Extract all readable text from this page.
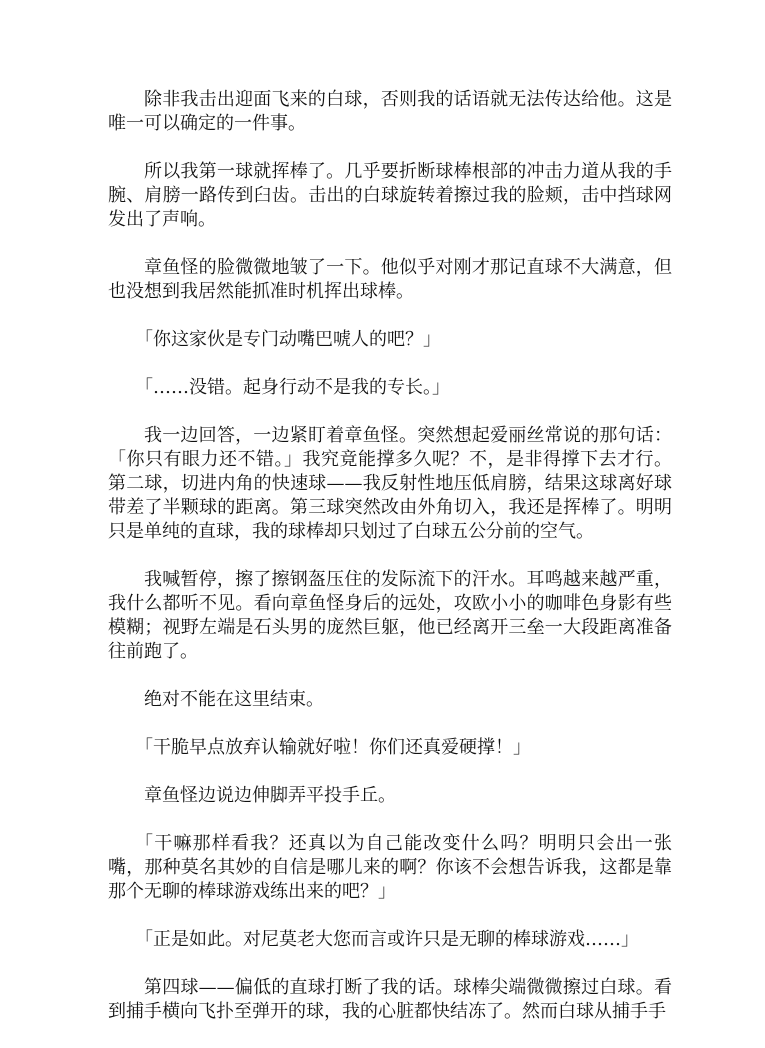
除非我击出迎面飞来的白球，否则我的话语就无法传达给他。这是唯一可以确定的一件事。

所以我第一球就挥棒了。几乎要折断球棒根部的冲击力道从我的手腕、肩膀一路传到臼齿。击出的白球旋转着擦过我的脸颊，击中挡球网发出了声响。

章鱼怪的脸微微地皱了一下。他似乎对刚才那记直球不大满意，但也没想到我居然能抓准时机挥出球棒。

「你这家伙是专门动嘴巴唬人的吧？」

「……没错。起身行动不是我的专长。」

我一边回答，一边紧盯着章鱼怪。突然想起爱丽丝常说的那句话：「你只有眼力还不错。」我究竟能撑多久呢？不，是非得撑下去才行。第二球，切进内角的快速球——我反射性地压低肩膀，结果这球离好球带差了半颗球的距离。第三球突然改由外角切入，我还是挥棒了。明明只是单纯的直球，我的球棒却只划过了白球五公分前的空气。

我喊暂停，擦了擦钢盔压住的发际流下的汗水。耳鸣越来越严重，我什么都听不见。看向章鱼怪身后的远处，攻欧小小的咖啡色身影有些模糊；视野左端是石头男的庞然巨躯，他已经离开三垒一大段距离准备往前跑了。

绝对不能在这里结束。

「干脆早点放弃认输就好啦！你们还真爱硬撑！」

章鱼怪边说边伸脚弄平投手丘。

「干嘛那样看我？还真以为自己能改变什么吗？明明只会出一张嘴，那种莫名其妙的自信是哪儿来的啊？你该不会想告诉我，这都是靠那个无聊的棒球游戏练出来的吧？」

「正是如此。对尼莫老大您而言或许只是无聊的棒球游戏……」

第四球——偏低的直球打断了我的话。球棒尖端微微擦过白球。看到捕手横向飞扑至弹开的球，我的心脏都快结冻了。然而白球从捕手手
